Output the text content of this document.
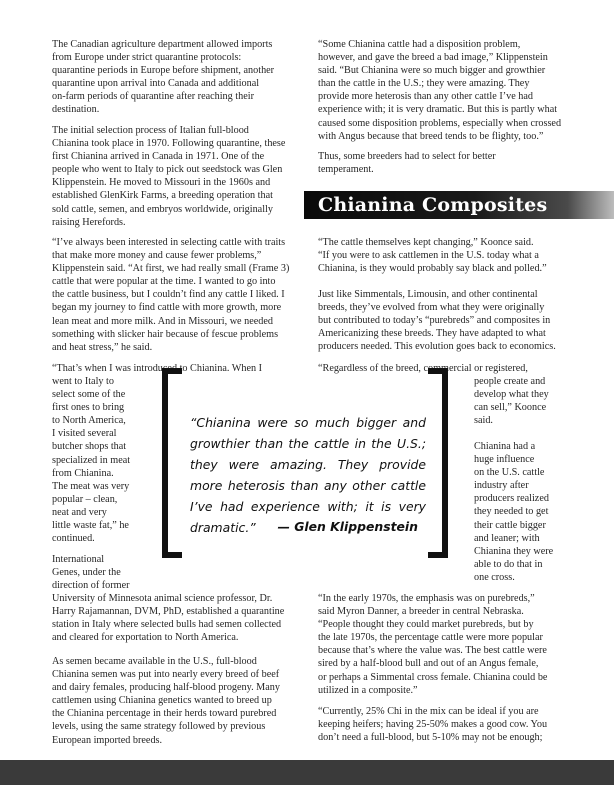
The Canadian agriculture department allowed imports
from Europe under strict quarantine protocols:
quarantine periods in Europe before shipment, another
quarantine upon arrival into Canada and additional
on-farm periods of quarantine after reaching their
destination.

The initial selection process of Italian full-blood
Chianina took place in 1970. Following quarantine, these
first Chianina arrived in Canada in 1971. One of the
people who went to Italy to pick out seedstock was Glen
Klippenstein. He moved to Missouri in the 1960s and
established GlenKirk Farms, a breeding operation that
sold cattle, semen, and embryos worldwide, originally
raising Herefords.

“I’ve always been interested in selecting cattle with traits
that make more money and cause fewer problems,”
Klippenstein said. “At first, we had really small (Frame 3)
cattle that were popular at the time. I wanted to go into
the cattle business, but I couldn’t find any cattle I liked. I
began my journey to find cattle with more growth, more
lean meat and more milk. And in Missouri, we needed
something with slicker hair because of fescue problems
and heat stress,” he said.

“That’s when I was introduced to Chianina. When I

went to Italy to
select some of the
first ones to bring
to North America,
I visited several
butcher shops that
specialized in meat
from Chianina.
The meat was very
popular – clean,
neat and very
little waste fat,” he
continued.

International
Genes, under the
direction of former

University of Minnesota animal science professor, Dr.
Harry Rajamannan, DVM, PhD, established a quarantine
station in Italy where selected bulls had semen collected
and cleared for exportation to North America.

As semen became available in the U.S., full-blood
Chianina semen was put into nearly every breed of beef
and dairy females, producing half-blood progeny. Many
cattlemen using Chianina genetics wanted to breed up
the Chianina percentage in their herds toward purebred
levels, using the same strategy followed by previous
European imported breeds.

“Some Chianina cattle had a disposition problem,
however, and gave the breed a bad image,” Klippenstein
said. “But Chianina were so much bigger and growthier
than the cattle in the U.S.; they were amazing. They
provide more heterosis than any other cattle I’ve had
experience with; it is very dramatic. But this is partly what
caused some disposition problems, especially when crossed
with Angus because that breed tends to be flighty, too.”

Thus, some breeders had to select for better
temperament.

Chianina Composites

“The cattle themselves kept changing,” Koonce said.
“If you were to ask cattlemen in the U.S. today what a
Chianina, is they would probably say black and polled.”

Just like Simmentals, Limousin, and other continental
breeds, they’ve evolved from what they were originally
but contributed to today’s “purebreds” and composites in
Americanizing these breeds. They have adapted to what
producers needed. This evolution goes back to economics.

“Regardless of the breed, commercial or registered,

people create and
develop what they
can sell,” Koonce
said.

Chianina had a
huge influence
on the U.S. cattle
industry after
producers realized
they needed to get
their cattle bigger
and leaner; with
Chianina they were
able to do that in
one cross.

“In the early 1970s, the emphasis was on purebreds,”
said Myron Danner, a breeder in central Nebraska.
“People thought they could market purebreds, but by
the late 1970s, the percentage cattle were more popular
because that’s where the value was. The best cattle were
sired by a half-blood bull and out of an Angus female,
or perhaps a Simmental cross female. Chianina could be
utilized in a composite.”

“Currently, 25% Chi in the mix can be ideal if you are
keeping heifers; having 25-50% makes a good cow. You
don’t need a full-blood, but 5-10% may not be enough;

“Chianina were so much bigger and growthier than the cattle in the U.S.; they were amazing. They provide more heterosis than any other cattle I’ve had experience with; it is very dramatic.”	— Glen Klippenstein
